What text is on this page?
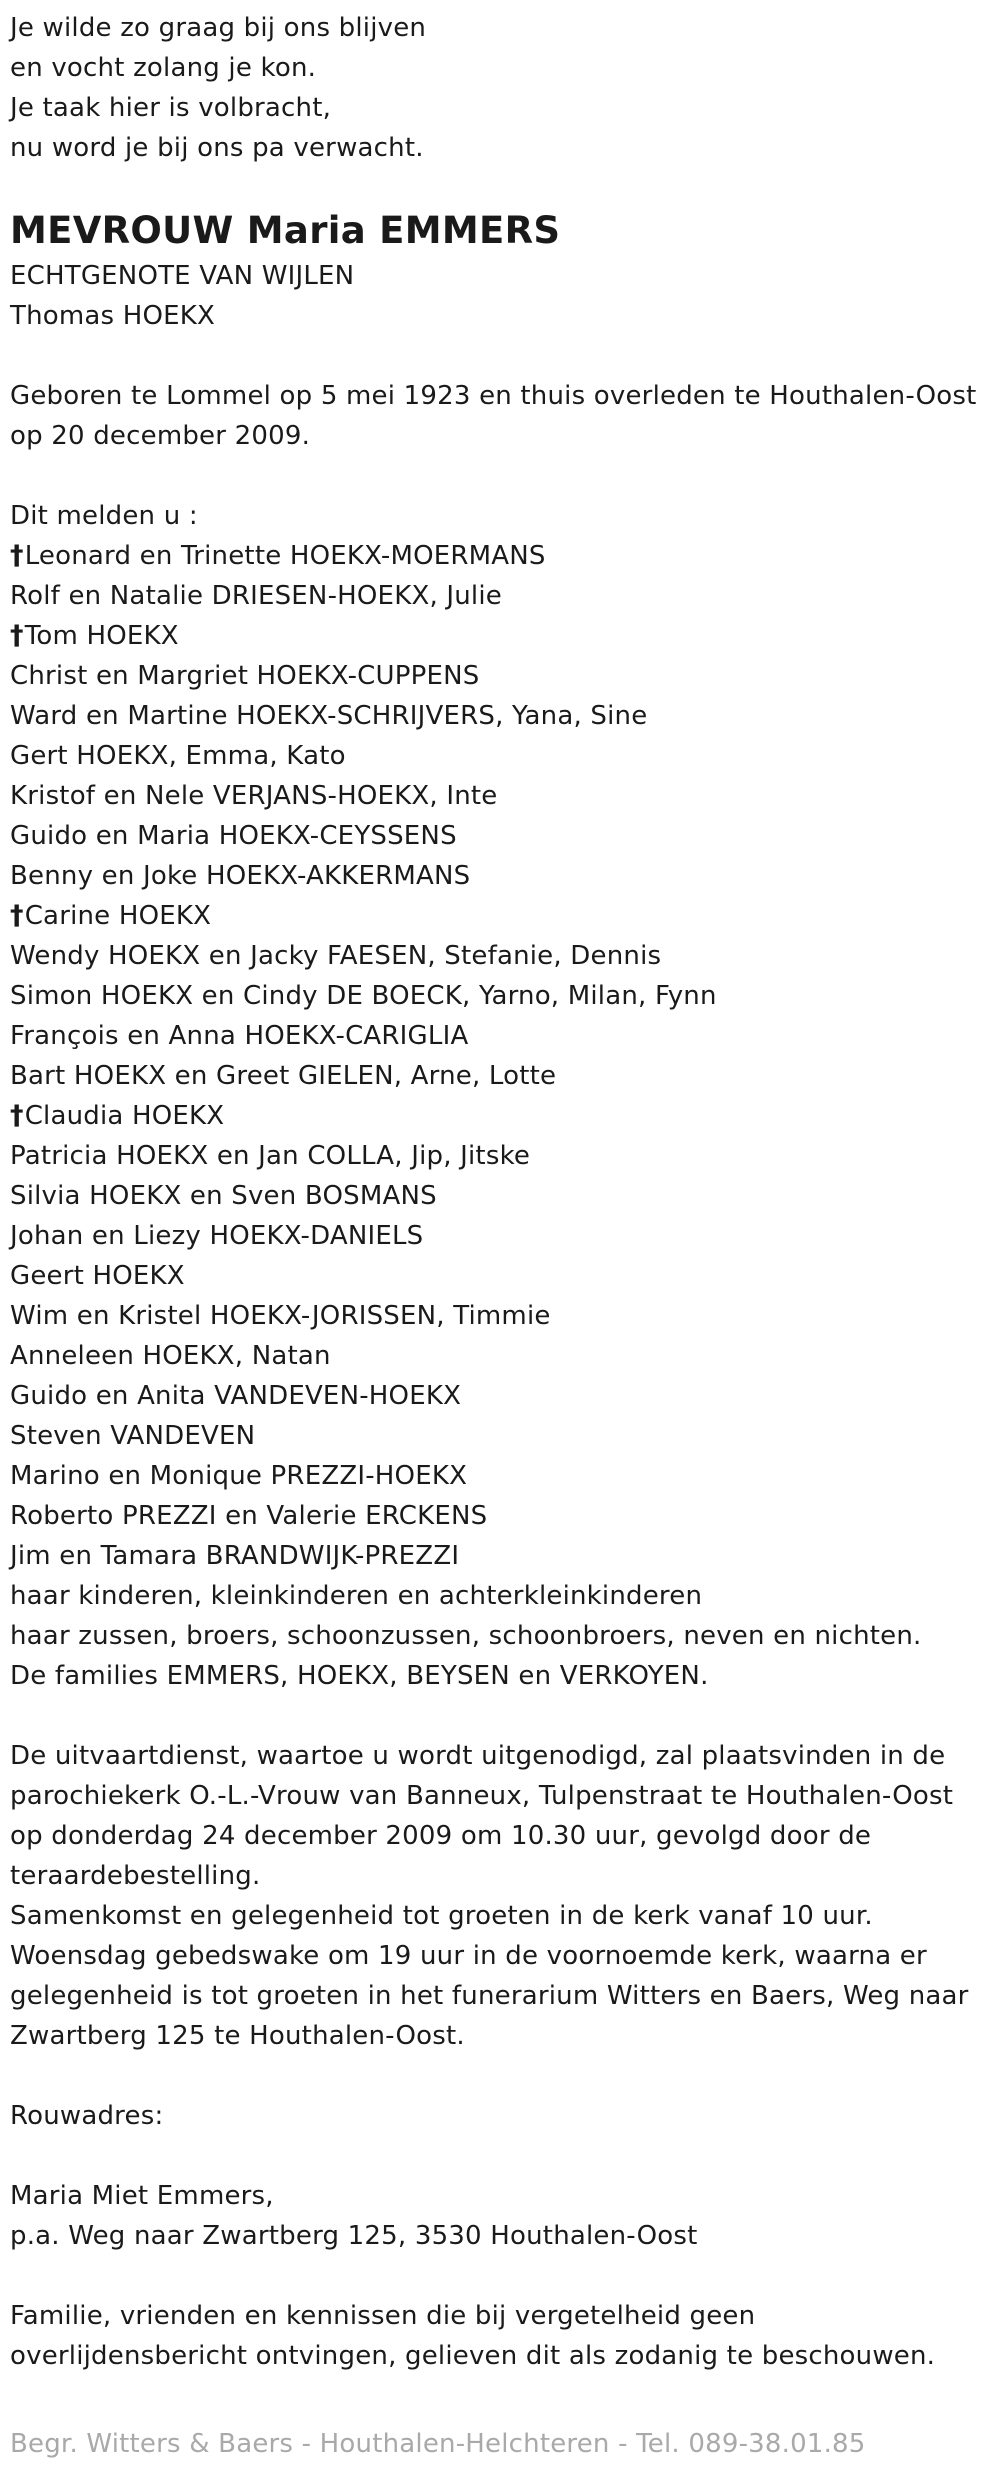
Je wilde zo graag bij ons blijven
en vocht zolang je kon.
Je taak hier is volbracht,
nu word je bij ons pa verwacht.
MEVROUW Maria EMMERS
ECHTGENOTE VAN WIJLEN
Thomas HOEKX
Geboren te Lommel op 5 mei 1923 en thuis overleden te Houthalen-Oost
op 20 december 2009.
Dit melden u :
†Leonard en Trinette HOEKX-MOERMANS
Rolf en Natalie DRIESEN-HOEKX, Julie
†Tom HOEKX
Christ en Margriet HOEKX-CUPPENS
Ward en Martine HOEKX-SCHRIJVERS, Yana, Sine
Gert HOEKX, Emma, Kato
Kristof en Nele VERJANS-HOEKX, Inte
Guido en Maria HOEKX-CEYSSENS
Benny en Joke HOEKX-AKKERMANS
†Carine HOEKX
Wendy HOEKX en Jacky FAESEN, Stefanie, Dennis
Simon HOEKX en Cindy DE BOECK, Yarno, Milan, Fynn
François en Anna HOEKX-CARIGLIA
Bart HOEKX en Greet GIELEN, Arne, Lotte
†Claudia HOEKX
Patricia HOEKX en Jan COLLA, Jip, Jitske
Silvia HOEKX en Sven BOSMANS
Johan en Liezy HOEKX-DANIELS
Geert HOEKX
Wim en Kristel HOEKX-JORISSEN, Timmie
Anneleen HOEKX, Natan
Guido en Anita VANDEVEN-HOEKX
Steven VANDEVEN
Marino en Monique PREZZI-HOEKX
Roberto PREZZI en Valerie ERCKENS
Jim en Tamara BRANDWIJK-PREZZI
haar kinderen, kleinkinderen en achterkleinkinderen
haar zussen, broers, schoonzussen, schoonbroers, neven en nichten.
De families EMMERS, HOEKX, BEYSEN en VERKOYEN.
De uitvaartdienst, waartoe u wordt uitgenodigd, zal plaatsvinden in de
parochiekerk O.-L.-Vrouw van Banneux, Tulpenstraat te Houthalen-Oost
op donderdag 24 december 2009 om 10.30 uur, gevolgd door de
teraardebestelling.
Samenkomst en gelegenheid tot groeten in de kerk vanaf 10 uur.
Woensdag gebedswake om 19 uur in de voornoemde kerk, waarna er
gelegenheid is tot groeten in het funerarium Witters en Baers, Weg naar
Zwartberg 125 te Houthalen-Oost.
Rouwadres:
Maria Miet Emmers,
p.a. Weg naar Zwartberg 125, 3530 Houthalen-Oost
Familie, vrienden en kennissen die bij vergetelheid geen
overlijdensbericht ontvingen, gelieven dit als zodanig te beschouwen.
Begr. Witters & Baers - Houthalen-Helchteren - Tel. 089-38.01.85
